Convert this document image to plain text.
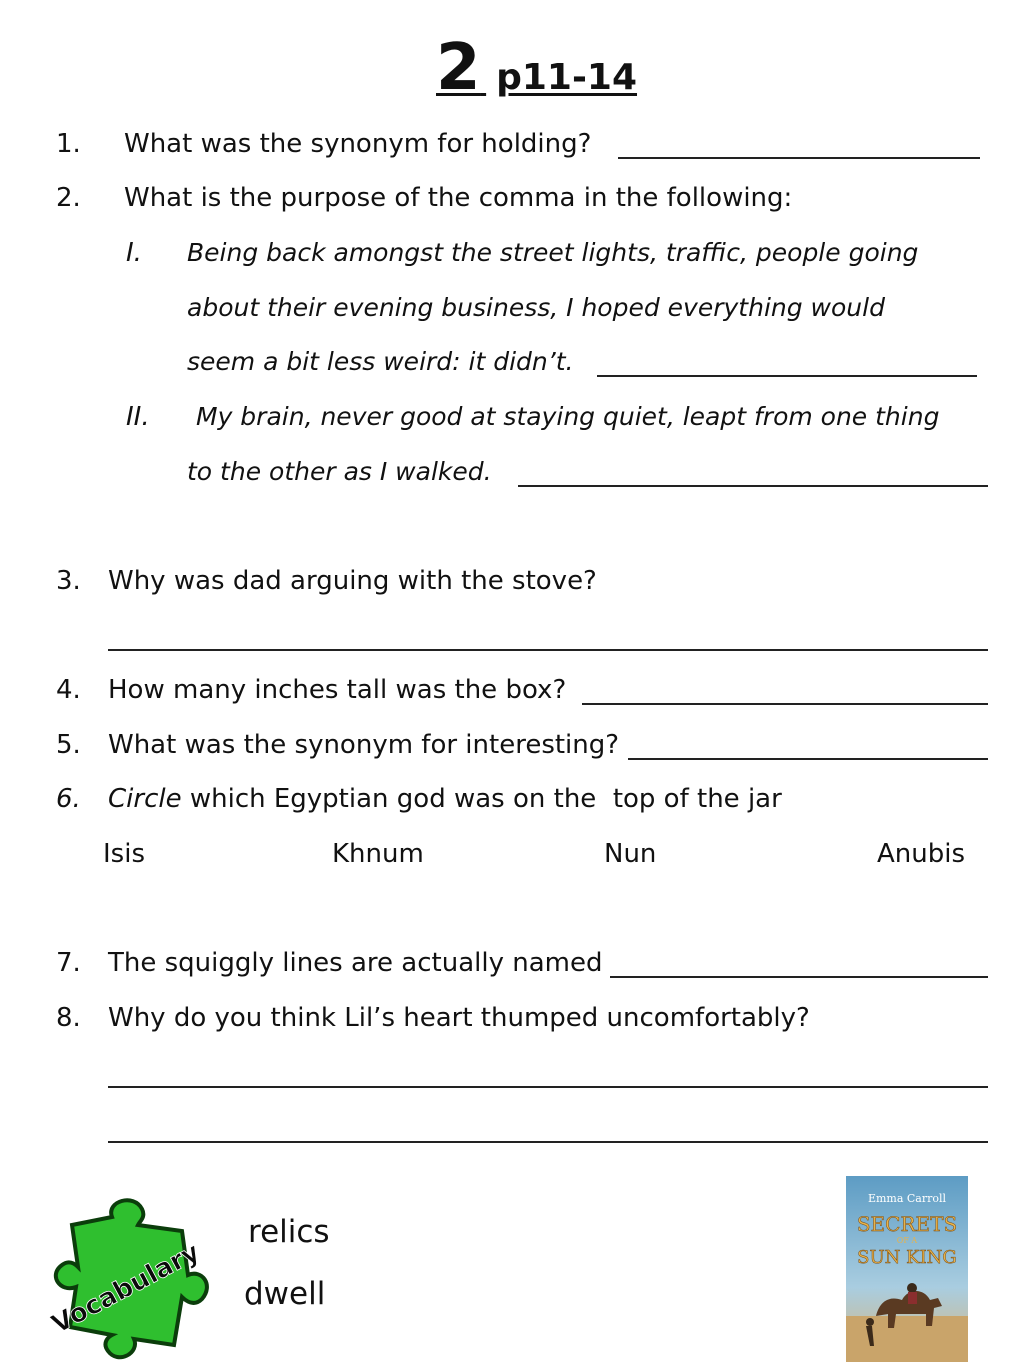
2 p11-14
1. What was the synonym for holding?
2. What is the purpose of the comma in the following:
I. Being back amongst the street lights, traffic, people going
about their evening business, I hoped everything would
seem a bit less weird: it didn’t.
II. My brain, never good at staying quiet, leapt from one thing
to the other as I walked.
3. Why was dad arguing with the stove?
4. How many inches tall was the box?
5. What was the synonym for interesting?
6. Circle which Egyptian god was on the  top of the jar
Isis	Khnum	Nun	Anubis
7. The squiggly lines are actually named
8. Why do you think Lil’s heart thumped uncomfortably?
Vocabulary
relics
dwell
Emma Carroll
SECRETS
OF A
SUN KING
